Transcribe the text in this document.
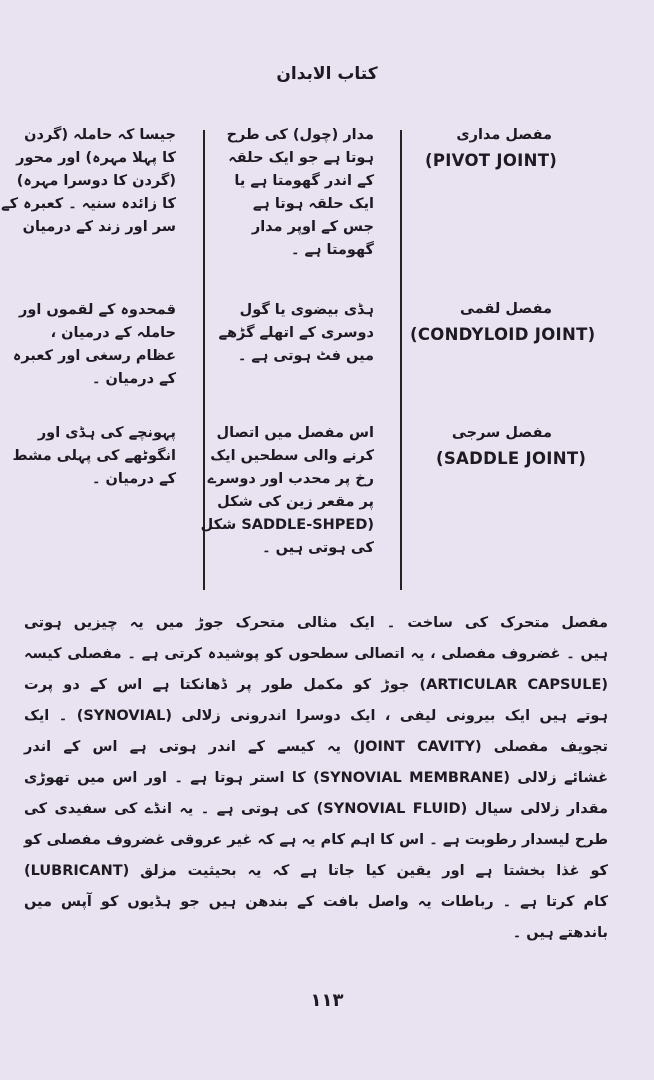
کتاب الابدان
مفصل مداری
(PIVOT JOINT)
مدار (چول) کی طرح
ہوتا ہے جو ایک حلقہ
کے اندر گھومتا ہے یا
ایک حلقہ ہوتا ہے
جس کے اوپر مدار
گھومتا ہے ۔
جیسا کہ حاملہ (گردن
کا پہلا مہرہ) اور محور
(گردن کا دوسرا مہرہ)
کا زائدہ سنیہ ۔ کعبرہ کے
سر اور زند کے درمیان
مفصل لقمی
(CONDYLOID JOINT)
ہڈی بیضوی یا گول
دوسری کے اتھلے گڑھے
میں فٹ ہوتی ہے ۔
قمحدوہ کے لقموں اور
حاملہ کے درمیان ،
عظام رسغی اور کعبرہ
کے درمیان ۔
مفصل سرجی
(SADDLE JOINT)
اس مفصل میں اتصال
کرنے والی سطحیں ایک
رخ پر محدب اور دوسرے
پر مقعر زین کی شکل
(SADDLE-SHPED شکل
کی ہوتی ہیں ۔
پہونچے کی ہڈی اور
انگوٹھے کی پہلی مشط
کے درمیان ۔
مفصل متحرک کی ساخت ۔ ایک مثالی متحرک جوڑ میں یہ چیزیں ہوتی
ہیں ۔ غضروف مفصلی ، یہ اتصالی سطحوں کو پوشیدہ کرتی ہے ۔ مفصلی کیسہ
(ARTICULAR CAPSULE) جوڑ کو مکمل طور پر ڈھانکتا ہے اس کے دو پرت
ہوتے ہیں ایک بیرونی لیفی ، ایک دوسرا اندرونی زلالی (SYNOVIAL) ۔ ایک
تجویف مفصلی (JOINT CAVITY) یہ کیسے کے اندر ہوتی ہے اس کے اندر
غشائے زلالی (SYNOVIAL MEMBRANE) کا استر ہوتا ہے ۔ اور اس میں تھوڑی
مقدار زلالی سیال (SYNOVIAL FLUID) کی ہوتی ہے ۔ یہ انڈے کی سفیدی کی
طرح لیسدار رطوبت ہے ۔ اس کا اہم کام یہ ہے کہ غیر عروقی غضروف مفصلی کو
کو غذا بخشتا ہے اور یقین کیا جاتا ہے کہ یہ بحیثیت مزلق (LUBRICANT)
کام کرتا ہے ۔ رباطات یہ واصل بافت کے بندھن ہیں جو ہڈیوں کو آپس میں
باندھتے ہیں ۔
۱۱۳
